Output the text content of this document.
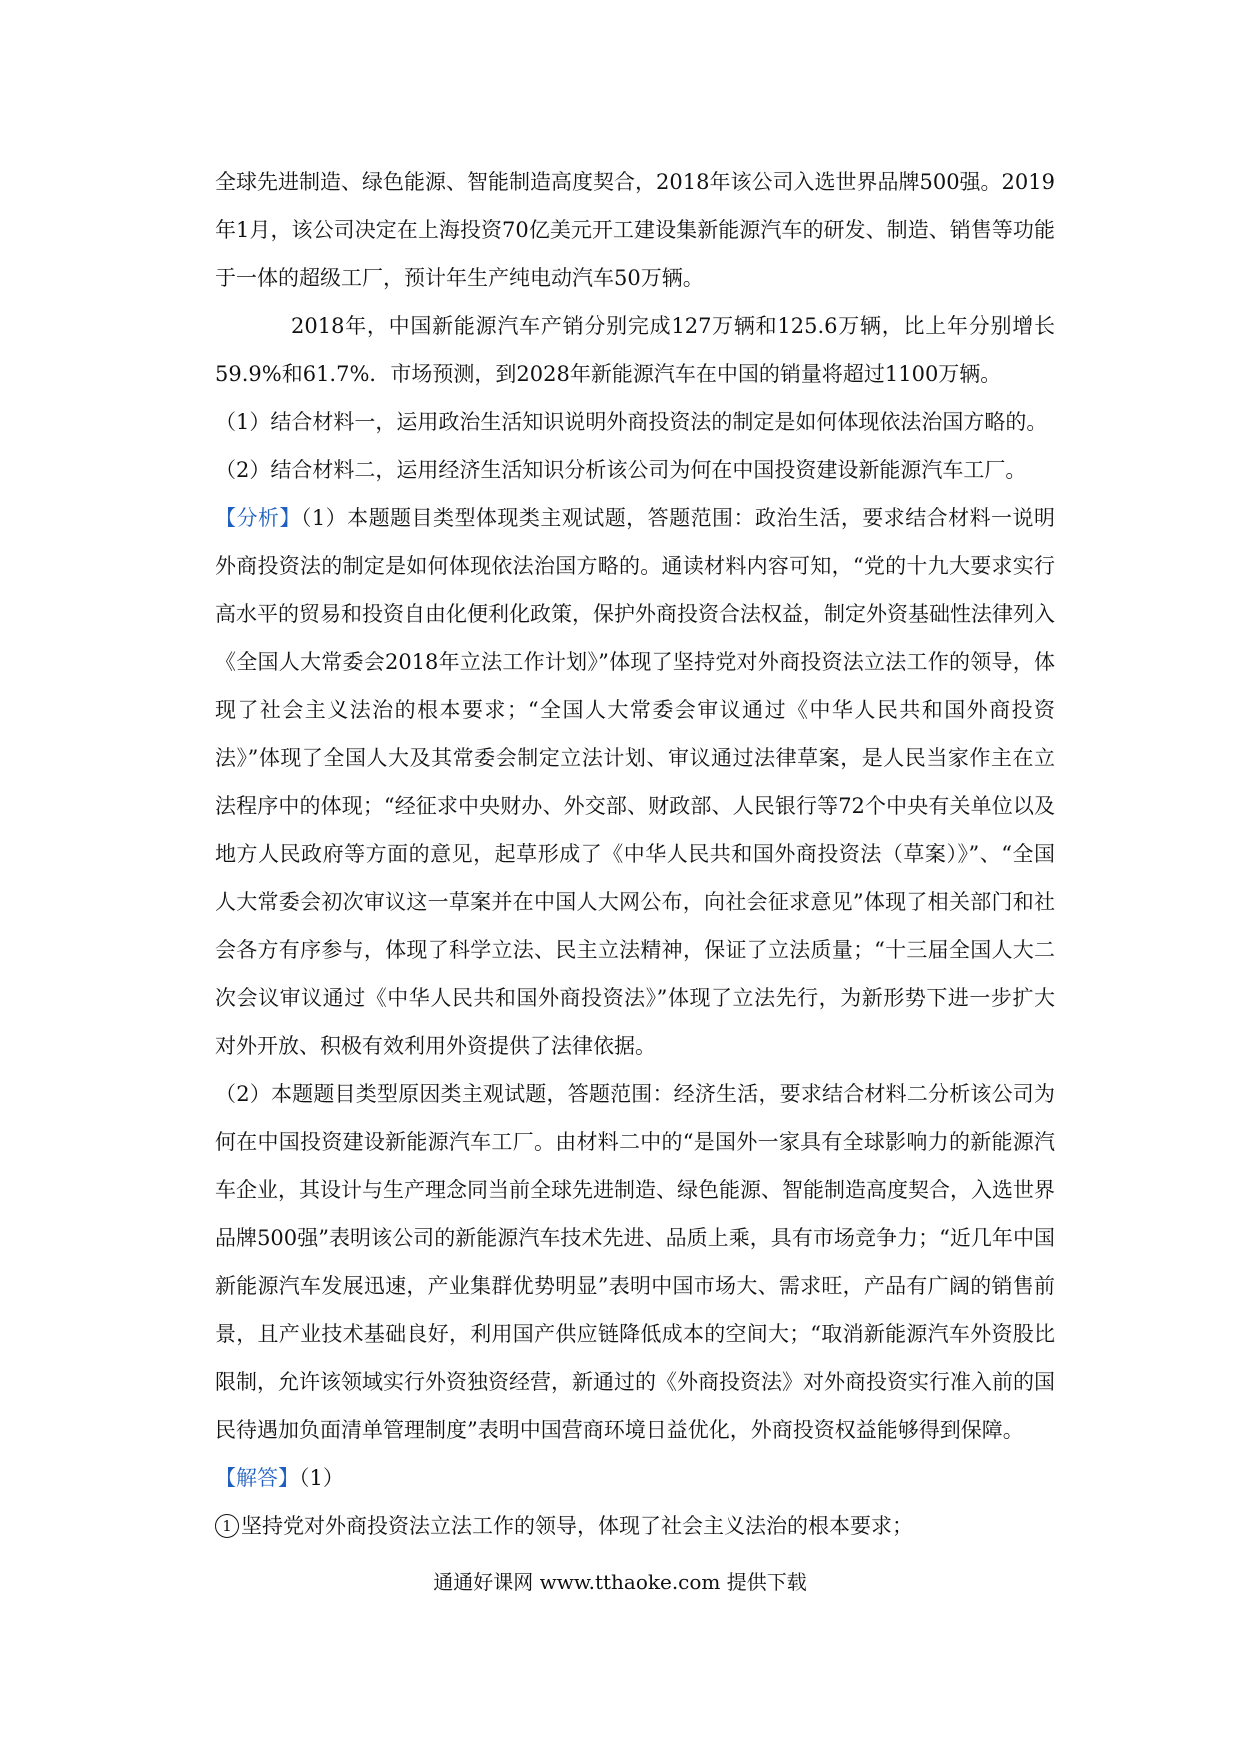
全球先进制造、绿色能源、智能制造高度契合，2018年该公司入选世界品牌500强。2019年1月，该公司决定在上海投资70亿美元开工建设集新能源汽车的研发、制造、销售等功能于一体的超级工厂，预计年生产纯电动汽车50万辆。

2018年，中国新能源汽车产销分别完成127万辆和125.6万辆，比上年分别增长59.9%和61.7%．市场预测，到2028年新能源汽车在中国的销量将超过1100万辆。

（1）结合材料一，运用政治生活知识说明外商投资法的制定是如何体现依法治国方略的。

（2）结合材料二，运用经济生活知识分析该公司为何在中国投资建设新能源汽车工厂。

【分析】（1）本题题目类型体现类主观试题，答题范围：政治生活，要求结合材料一说明外商投资法的制定是如何体现依法治国方略的。通读材料内容可知，“党的十九大要求实行高水平的贸易和投资自由化便利化政策，保护外商投资合法权益，制定外资基础性法律列入《全国人大常委会2018年立法工作计划》”体现了坚持党对外商投资法立法工作的领导，体现了社会主义法治的根本要求；“全国人大常委会审议通过《中华人民共和国外商投资法》”体现了全国人大及其常委会制定立法计划、审议通过法律草案，是人民当家作主在立法程序中的体现；“经征求中央财办、外交部、财政部、人民银行等72个中央有关单位以及地方人民政府等方面的意见，起草形成了《中华人民共和国外商投资法（草案）》”、“全国人大常委会初次审议这一草案并在中国人大网公布，向社会征求意见”体现了相关部门和社会各方有序参与，体现了科学立法、民主立法精神，保证了立法质量；“十三届全国人大二次会议审议通过《中华人民共和国外商投资法》”体现了立法先行，为新形势下进一步扩大对外开放、积极有效利用外资提供了法律依据。

（2）本题题目类型原因类主观试题，答题范围：经济生活，要求结合材料二分析该公司为何在中国投资建设新能源汽车工厂。由材料二中的“是国外一家具有全球影响力的新能源汽车企业，其设计与生产理念同当前全球先进制造、绿色能源、智能制造高度契合，入选世界品牌500强”表明该公司的新能源汽车技术先进、品质上乘，具有市场竞争力；“近几年中国新能源汽车发展迅速，产业集群优势明显”表明中国市场大、需求旺，产品有广阔的销售前景，且产业技术基础良好，利用国产供应链降低成本的空间大；“取消新能源汽车外资股比限制，允许该领域实行外资独资经营，新通过的《外商投资法》对外商投资实行准入前的国民待遇加负面清单管理制度”表明中国营商环境日益优化，外商投资权益能够得到保障。

【解答】（1）

1 坚持党对外商投资法立法工作的领导，体现了社会主义法治的根本要求；

通通好课网 www.tthaoke.com 提供下载
